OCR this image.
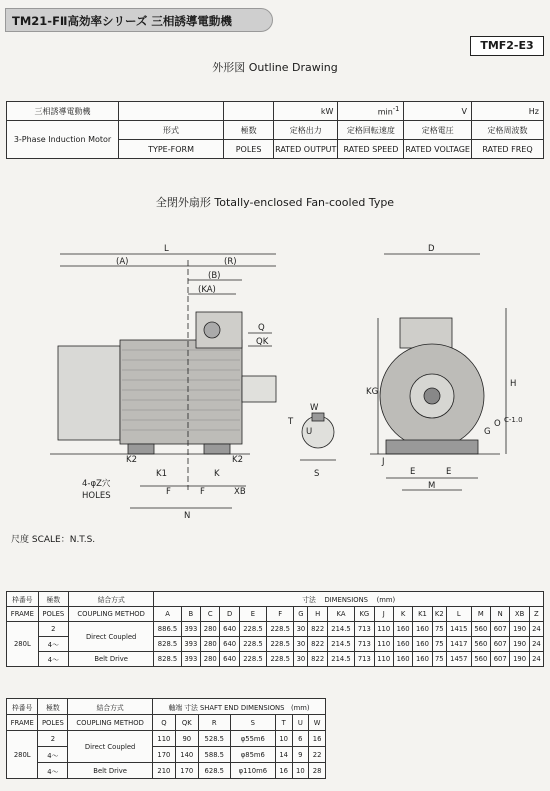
TM21-FⅡ高効率シリーズ 三相誘導電動機
TMF2-E3
外形図 Outline Drawing
三相誘導電動機			kW	$\min^{-1}$	V	Hz
3-Phase Induction Motor	形式	極数	定格出力	定格回転速度	定格電圧	定格周波数
	TYPE-FORM	POLES	RATED OUTPUT	RATED SPEED	RATED VOLTAGE	RATED FREQ
全閉外扇形 Totally-enclosed Fan-cooled Type
L
(A)	(R)
(B)
(KA)
Q
QK
K2
K1	K
K2
F	F	XB
N
4-φZ穴
HOLES
W
U
T
S
D
KG
H
G
O C-1.0
J
E	E
M
尺度 SCALE：N.T.S.
枠番号	極数	結合方式	寸法 DIMENSIONS (mm)																		
FRAME	POLES	COUPLING METHOD	A	B	C	D	E	F	G	H	KA	KG	J	K	K1	K2	L	M	N	XB	Z
280L	2	Direct Coupled	886.5	393	280	640	228.5	228.5	30	822	214.5	713	110	160	160	75	1415	560	607	190	24
	4～		828.5	393	280	640	228.5	228.5	30	822	214.5	713	110	160	160	75	1417	560	607	190	24
	4～	Belt Drive	828.5	393	280	640	228.5	228.5	30	822	214.5	713	110	160	160	75	1457	560	607	190	24
枠番号	極数	結合方式	軸端 寸法 SHAFT END DIMENSIONS (mm)						
FRAME	POLES	COUPLING METHOD	Q	QK	R	S	T	U	W
280L	2	Direct Coupled	110	90	528.5	φ55m6	10	6	16
	4～		170	140	588.5	φ85m6	14	9	22
	4～	Belt Drive	210	170	628.5	φ110m6	16	10	28
